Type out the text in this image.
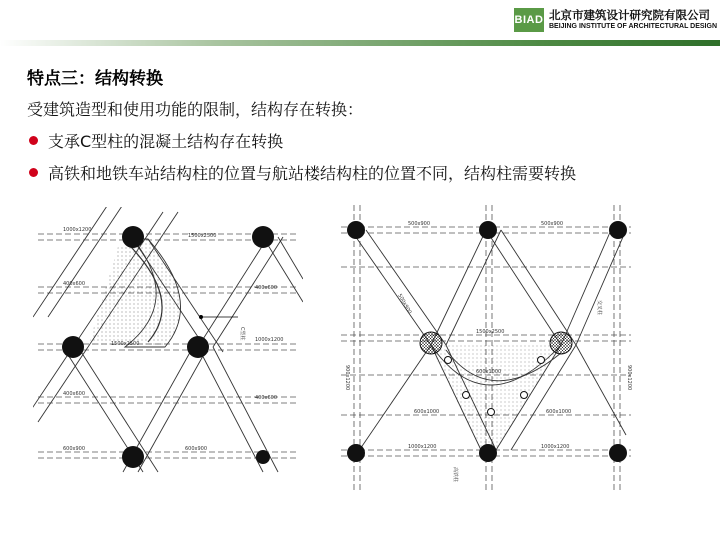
BIAD 北京市建筑设计研究院有限公司
BEIJING INSTITUTE OF ARCHITECTURAL DESIGN
特点三：结构转换
受建筑造型和使用功能的限制，结构存在转换：
支承C型柱的混凝土结构存在转换
高铁和地铁车站结构柱的位置与航站楼结构柱的位置不同，结构柱需要转换
1000x1200
1500x2500
400x600
400x600
1500x2500
1000x1200
400x600
400x600
600x900	600x900
C型柱
500x900	500x900
500x900
1500x2500
600x1000
600x1000	600x1000
1000x1200	1000x1200
900x1200	900x1200
交叉柱
高铁柱
